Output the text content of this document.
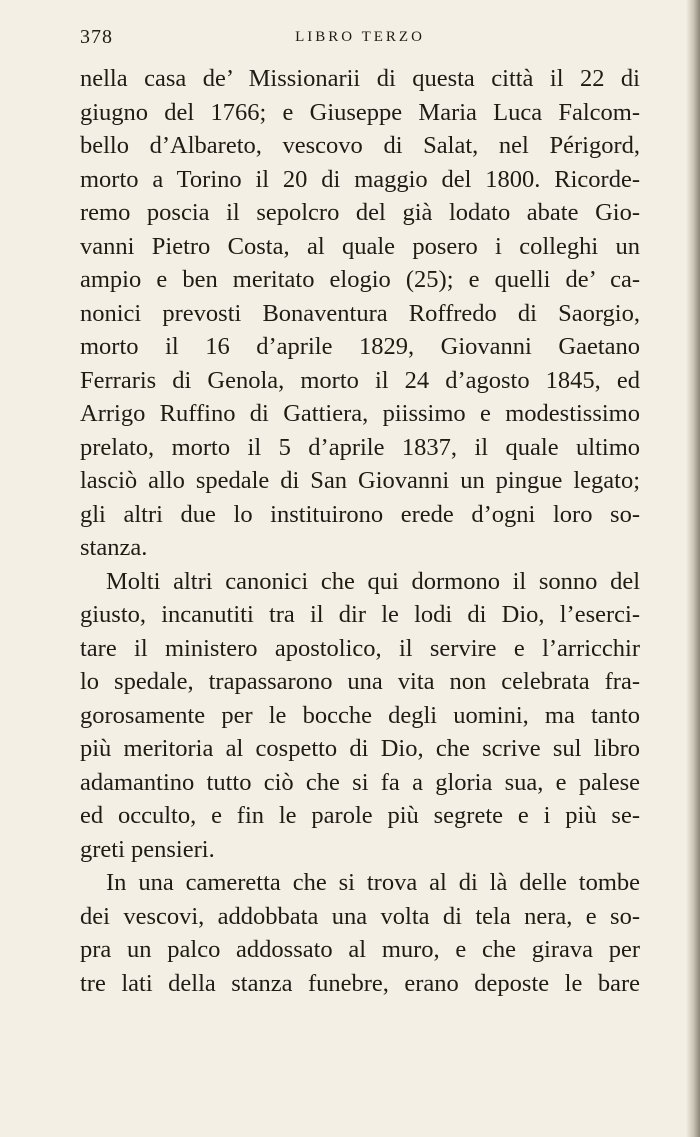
378	LIBRO TERZO
nella casa de’ Missionarii di questa città il 22 di
giugno del 1766; e Giuseppe Maria Luca Falcom-
bello d’Albareto, vescovo di Salat, nel Périgord,
morto a Torino il 20 di maggio del 1800. Ricorde-
remo poscia il sepolcro del già lodato abate Gio-
vanni Pietro Costa, al quale posero i colleghi un
ampio e ben meritato elogio (25); e quelli de’ ca-
nonici prevosti Bonaventura Roffredo di Saorgio,
morto il 16 d’aprile 1829, Giovanni Gaetano
Ferraris di Genola, morto il 24 d’agosto 1845, ed
Arrigo Ruffino di Gattiera, piissimo e modestissimo
prelato, morto il 5 d’aprile 1837, il quale ultimo
lasciò allo spedale di San Giovanni un pingue legato;
gli altri due lo instituirono erede d’ogni loro so-
stanza.
Molti altri canonici che qui dormono il sonno del
giusto, incanutiti tra il dir le lodi di Dio, l’eserci-
tare il ministero apostolico, il servire e l’arricchir
lo spedale, trapassarono una vita non celebrata fra-
gorosamente per le bocche degli uomini, ma tanto
più meritoria al cospetto di Dio, che scrive sul libro
adamantino tutto ciò che si fa a gloria sua, e palese
ed occulto, e fin le parole più segrete e i più se-
greti pensieri.
In una cameretta che si trova al di là delle tombe
dei vescovi, addobbata una volta di tela nera, e so-
pra un palco addossato al muro, e che girava per
tre lati della stanza funebre, erano deposte le bare
